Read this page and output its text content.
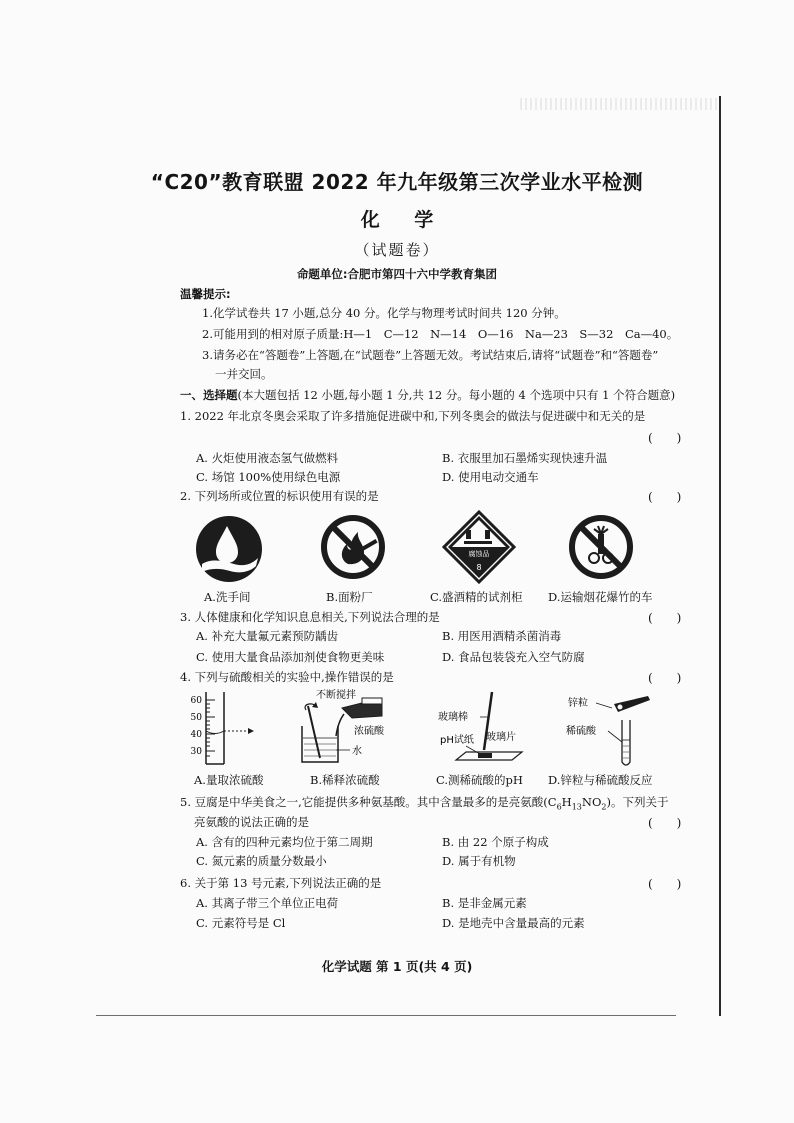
“C20”教育联盟 2022 年九年级第三次学业水平检测
化 学
（试题卷）
命题单位:合肥市第四十六中学教育集团
温馨提示:
1.化学试卷共 17 小题,总分 40 分。化学与物理考试时间共 120 分钟。
2.可能用到的相对原子质量:H—1　C—12　N—14　O—16　Na—23　S—32　Ca—40。
3.请务必在“答题卷”上答题,在“试题卷”上答题无效。考试结束后,请将“试题卷”和“答题卷”
一并交回。
一、选择题(本大题包括 12 小题,每小题 1 分,共 12 分。每小题的 4 个选项中只有 1 个符合题意)
1. 2022 年北京冬奥会采取了许多措施促进碳中和,下列冬奥会的做法与促进碳中和无关的是
(　　)
A. 火炬使用液态氢气做燃料	B. 衣服里加石墨烯实现快速升温
C. 场馆 100%使用绿色电源	D. 使用电动交通车
2. 下列场所或位置的标识使用有误的是	(　　)
腐蚀品
8
A.洗手间	B.面粉厂	C.盛酒精的试剂柜 D.运输烟花爆竹的车
3. 人体健康和化学知识息息相关,下列说法合理的是	(　　)
A. 补充大量氟元素预防龋齿	B. 用医用酒精杀菌消毒
C. 使用大量食品添加剂使食物更美味	D. 食品包装袋充入空气防腐
4. 下列与硫酸相关的实验中,操作错误的是	(　　)
60
50
40
30
不断搅拌
浓硫酸
水
玻璃棒
pH试纸 玻璃片
锌粒
稀硫酸
A.量取浓硫酸	B.稀释浓硫酸	C.测稀硫酸的pH D.锌粒与稀硫酸反应
5. 豆腐是中华美食之一,它能提供多种氨基酸。其中含量最多的是亮氨酸$(C_6H_{13}NO_2)$。下列关于
亮氨酸的说法正确的是	(　　)
A. 含有的四种元素均位于第二周期	B. 由 22 个原子构成
C. 氮元素的质量分数最小	D. 属于有机物
6. 关于第 13 号元素,下列说法正确的是	(　　)
A. 其离子带三个单位正电荷	B. 是非金属元素
C. 元素符号是 Cl	D. 是地壳中含量最高的元素
化学试题 第 1 页(共 4 页)
